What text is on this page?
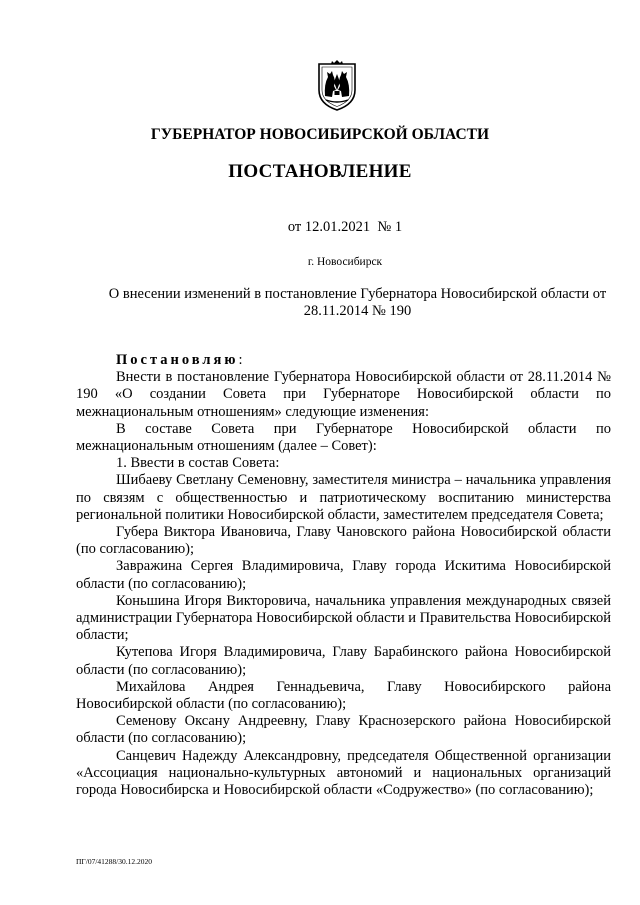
ГУБЕРНАТОР НОВОСИБИРСКОЙ ОБЛАСТИ
ПОСТАНОВЛЕНИЕ
от 12.01.2021  № 1
г. Новосибирск
О внесении изменений в постановление Губернатора Новосибирской области от 28.11.2014 № 190

Постановляю:

Внести в постановление Губернатора Новосибирской области от 28.11.2014 № 190 «О создании Совета при Губернаторе Новосибирской области по межнациональным отношениям» следующие изменения:

В составе Совета при Губернаторе Новосибирской области по межнациональным отношениям (далее – Совет):

1. Ввести в состав Совета:

Шибаеву Светлану Семеновну, заместителя министра – начальника управления по связям с общественностью и патриотическому воспитанию министерства региональной политики Новосибирской области, заместителем председателя Совета;

Губера Виктора Ивановича, Главу Чановского района Новосибирской области (по согласованию);

Завражина Сергея Владимировича, Главу города Искитима Новосибирской области (по согласованию);

Коньшина Игоря Викторовича, начальника управления международных связей администрации Губернатора Новосибирской области и Правительства Новосибирской области;

Кутепова Игоря Владимировича, Главу Барабинского района Новосибирской области (по согласованию);

Михайлова Андрея Геннадьевича, Главу Новосибирского района Новосибирской области (по согласованию);

Семенову Оксану Андреевну, Главу Краснозерского района Новосибирской области (по согласованию);

Санцевич Надежду Александровну, председателя Общественной организации «Ассоциация национально-культурных автономий и национальных организаций города Новосибирска и Новосибирской области «Содружество» (по согласованию);

ПГ/07/41288/30.12.2020
